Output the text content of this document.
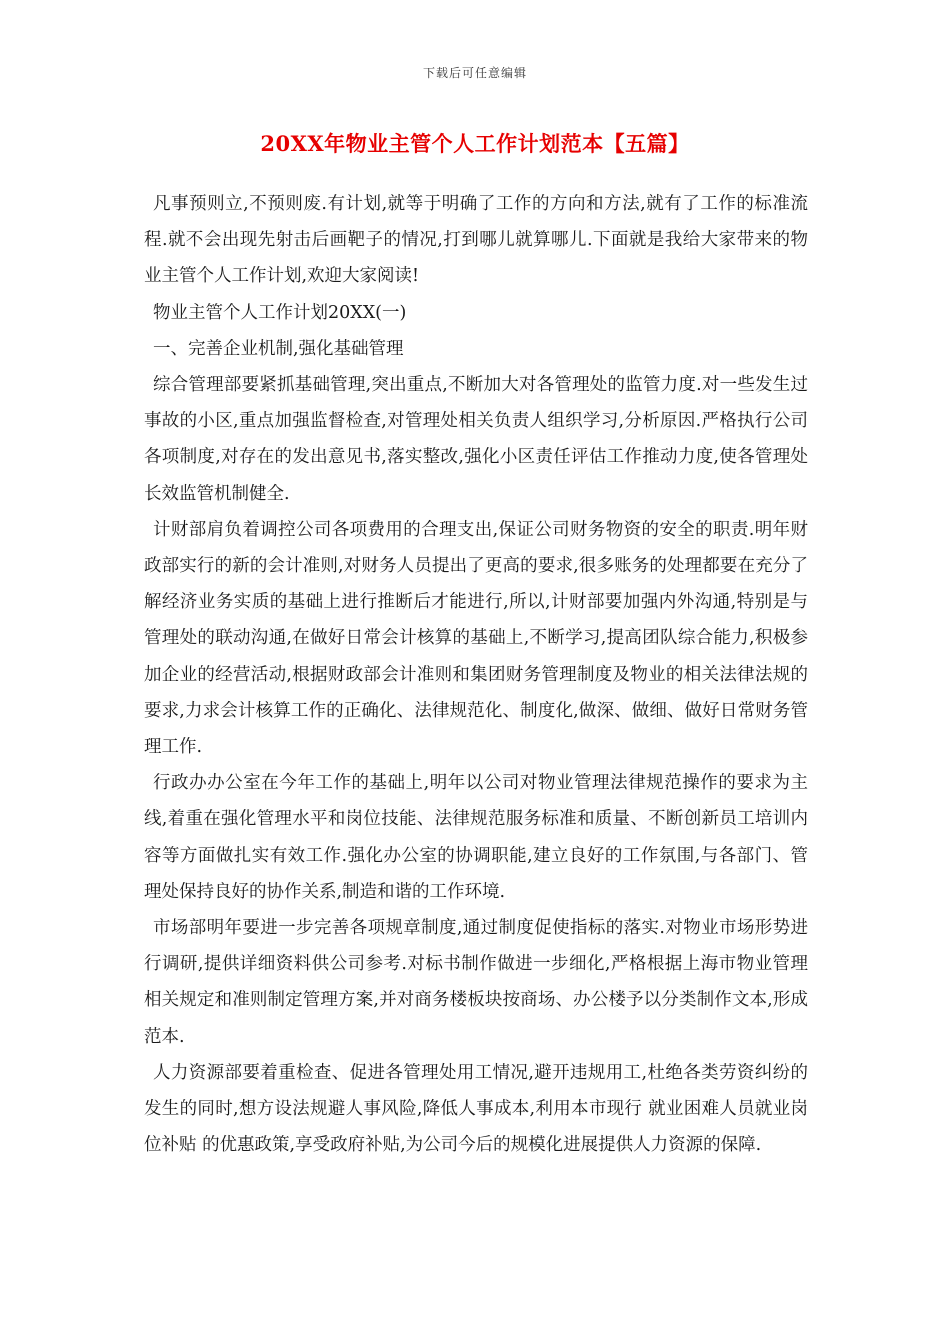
下载后可任意编辑
20XX年物业主管个人工作计划范本【五篇】

凡事预则立,不预则废.有计划,就等于明确了工作的方向和方法,就有了工作的标准流程.就不会出现先射击后画靶子的情况,打到哪儿就算哪儿.下面就是我给大家带来的物业主管个人工作计划,欢迎大家阅读!

物业主管个人工作计划20XX(一)

一、完善企业机制,强化基础管理

综合管理部要紧抓基础管理,突出重点,不断加大对各管理处的监管力度.对一些发生过事故的小区,重点加强监督检查,对管理处相关负责人组织学习,分析原因.严格执行公司各项制度,对存在的发出意见书,落实整改,强化小区责任评估工作推动力度,使各管理处长效监管机制健全.

计财部肩负着调控公司各项费用的合理支出,保证公司财务物资的安全的职责.明年财政部实行的新的会计准则,对财务人员提出了更高的要求,很多账务的处理都要在充分了解经济业务实质的基础上进行推断后才能进行,所以,计财部要加强内外沟通,特别是与管理处的联动沟通,在做好日常会计核算的基础上,不断学习,提高团队综合能力,积极参加企业的经营活动,根据财政部会计准则和集团财务管理制度及物业的相关法律法规的要求,力求会计核算工作的正确化、法律规范化、制度化,做深、做细、做好日常财务管理工作.

行政办办公室在今年工作的基础上,明年以公司对物业管理法律规范操作的要求为主线,着重在强化管理水平和岗位技能、法律规范服务标准和质量、不断创新员工培训内容等方面做扎实有效工作.强化办公室的协调职能,建立良好的工作氛围,与各部门、管理处保持良好的协作关系,制造和谐的工作环境.

市场部明年要进一步完善各项规章制度,通过制度促使指标的落实.对物业市场形势进行调研,提供详细资料供公司参考.对标书制作做进一步细化,严格根据上海市物业管理相关规定和准则制定管理方案,并对商务楼板块按商场、办公楼予以分类制作文本,形成范本.

人力资源部要着重检查、促进各管理处用工情况,避开违规用工,杜绝各类劳资纠纷的发生的同时,想方设法规避人事风险,降低人事成本,利用本市现行 就业困难人员就业岗位补贴 的优惠政策,享受政府补贴,为公司今后的规模化进展提供人力资源的保障.
